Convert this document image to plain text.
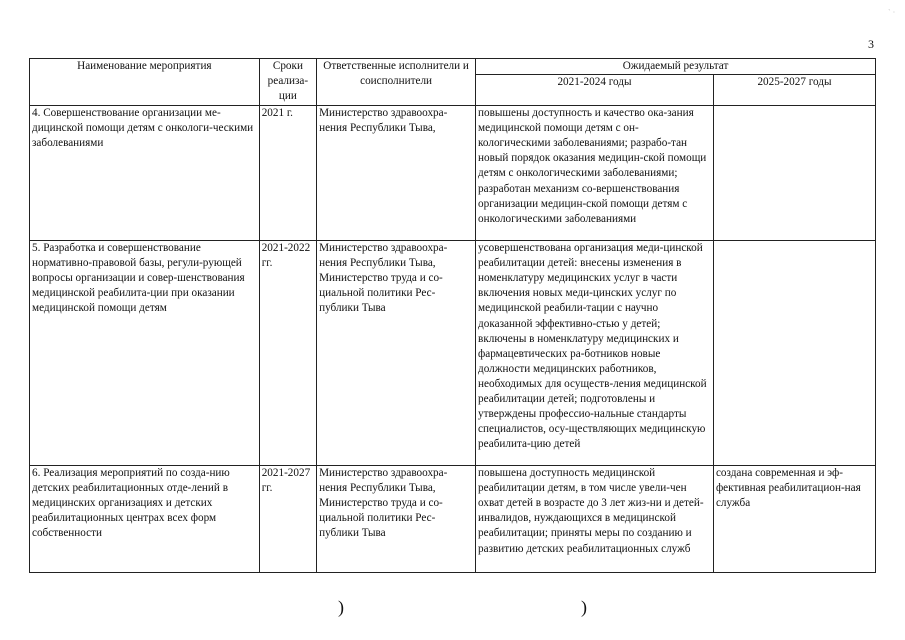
` ·
3
Наименование мероприятия	Сроки реализа-ции	Ответственные исполнители и соисполнители	Ожидаемый результат	
			2021-2024 годы	2025-2027 годы
4. Совершенствование организации ме-дицинской помощи детям с онкологи-ческими заболеваниями	2021 г.	Министерство здравоохра-нения Республики Тыва,	повышены доступность и качество ока-зания медицинской помощи детям с он-кологическими заболеваниями; разрабо-тан новый порядок оказания медицин-ской помощи детям с онкологическими заболеваниями; разработан механизм со-вершенствования организации медицин-ской помощи детям с онкологическими заболеваниями	
5. Разработка и совершенствование нормативно-правовой базы, регули-рующей вопросы организации и совер-шенствования медицинской реабилита-ции при оказании медицинской помощи детям	2021-2022 гг.	Министерство здравоохра-нения Республики Тыва, Министерство труда и со-циальной политики Рес-публики Тыва	усовершенствована организация меди-цинской реабилитации детей: внесены изменения в номенклатуру медицинских услуг в части включения новых меди-цинских услуг по медицинской реабили-тации с научно доказанной эффективно-стью у детей; включены в номенклатуру медицинских и фармацевтических ра-ботников новые должности медицинских работников, необходимых для осуществ-ления медицинской реабилитации детей; подготовлены и утверждены профессио-нальные стандарты специалистов, осу-ществляющих медицинскую реабилита-цию детей	
6. Реализация мероприятий по созда-нию детских реабилитационных отде-лений в медицинских организациях и детских реабилитационных центрах всех форм собственности	2021-2027 гг.	Министерство здравоохра-нения Республики Тыва, Министерство труда и со-циальной политики Рес-публики Тыва	повышена доступность медицинской реабилитации детям, в том числе увели-чен охват детей в возрасте до 3 лет жиз-ни и детей-инвалидов, нуждающихся в медицинской реабилитации; приняты меры по созданию и развитию детских реабилитационных служб	создана современная и эф-фективная реабилитацион-ная служба
)	)
